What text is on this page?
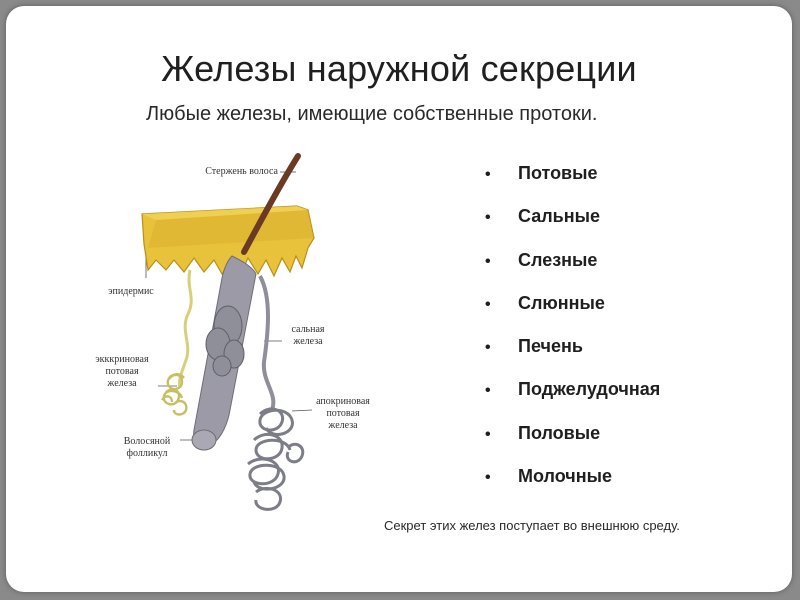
Железы наружной секреции
Любые железы, имеющие собственные протоки.
Стержень волоса
эпидермис
экккриновая
потовая
железа
сальная
железа
апокриновая
потовая
железа
Волосяной
фолликул
• Потовые
• Сальные
• Слезные
• Слюнные
• Печень
• Поджелудочная
• Половые
• Молочные
Секрет этих желез поступает во внешнюю среду.
